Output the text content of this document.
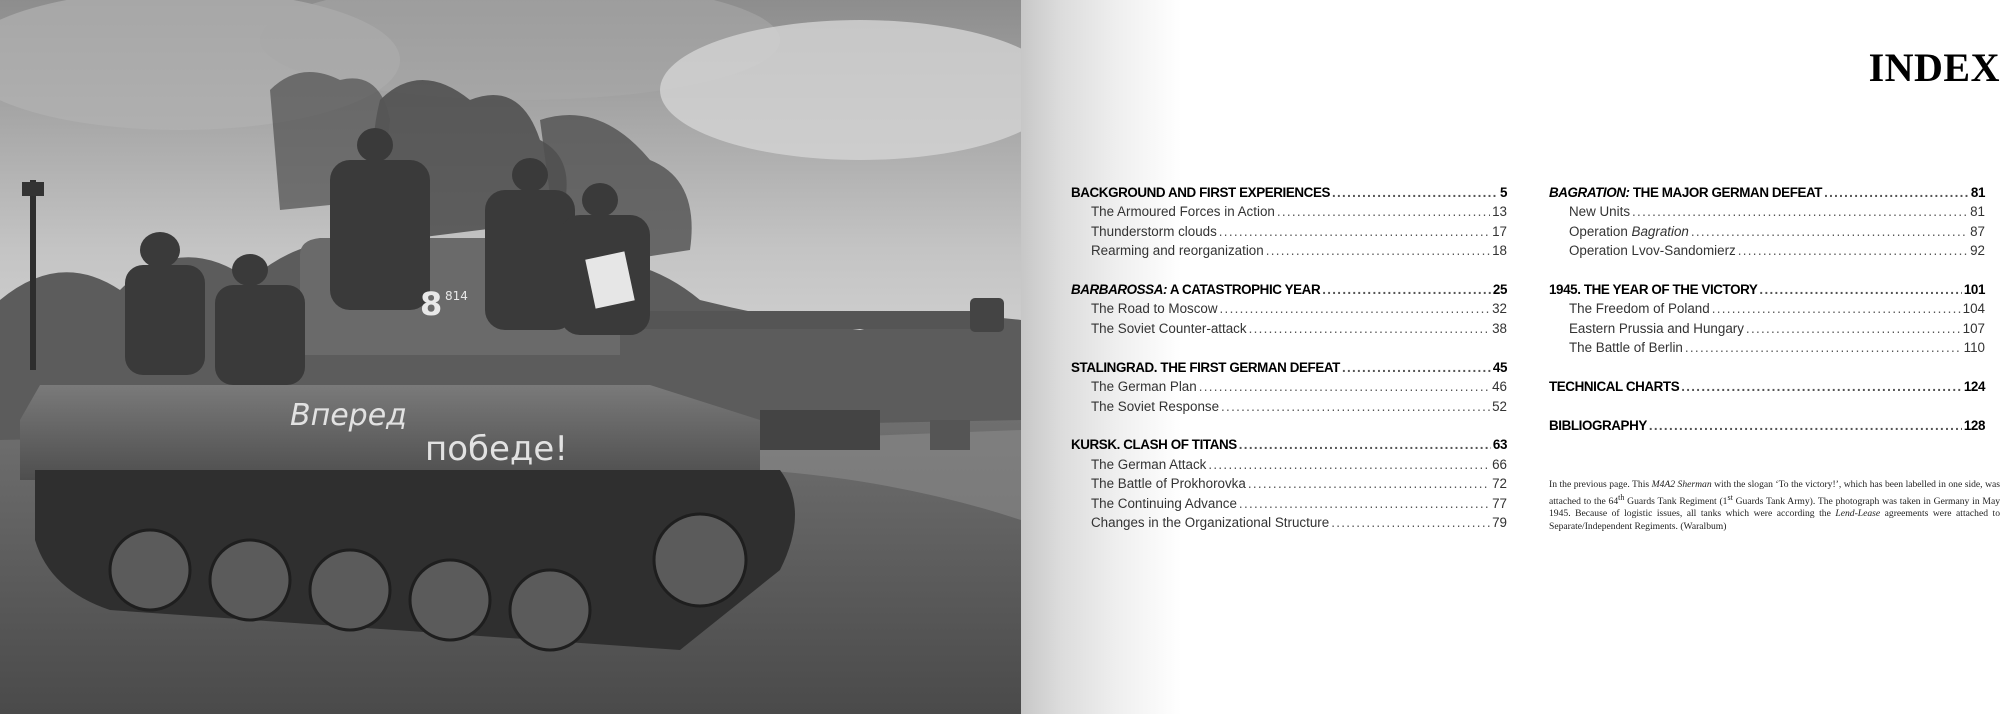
Вперед
победе!
8 814
INDEX
BACKGROUND AND FIRST EXPERIENCES .....	5
The Armoured Forces in Action .....	13
Thunderstorm clouds .....	17
Rearming and reorganization .....	18
BARBAROSSA: A CATASTROPHIC YEAR .....	25
The Road to Moscow .....	32
The Soviet Counter-attack .....	38
STALINGRAD. THE FIRST GERMAN DEFEAT .....	45
The German Plan .....	46
The Soviet Response .....	52
KURSK. CLASH OF TITANS .....	63
The German Attack .....	66
The Battle of Prokhorovka .....	72
The Continuing Advance .....	77
Changes in the Organizational Structure .....	79
BAGRATION: THE MAJOR GERMAN DEFEAT .....	81
New Units .....	81
Operation Bagration .....	87
Operation Lvov-Sandomierz .....	92
1945. THE YEAR OF THE VICTORY .....	101
The Freedom of Poland .....	104
Eastern Prussia and Hungary .....	107
The Battle of Berlin .....	110
TECHNICAL CHARTS .....	124
BIBLIOGRAPHY .....	128

In the previous page. This M4A2 Sherman with the slogan ‘To the victory!’, which has been labelled in one side, was attached to the 64th Guards Tank Regiment (1st Guards Tank Army). The photograph was taken in Germany in May 1945. Because of logistic issues, all tanks which were according the Lend-Lease agreements were attached to Separate/Independent Regiments. (Waralbum)
